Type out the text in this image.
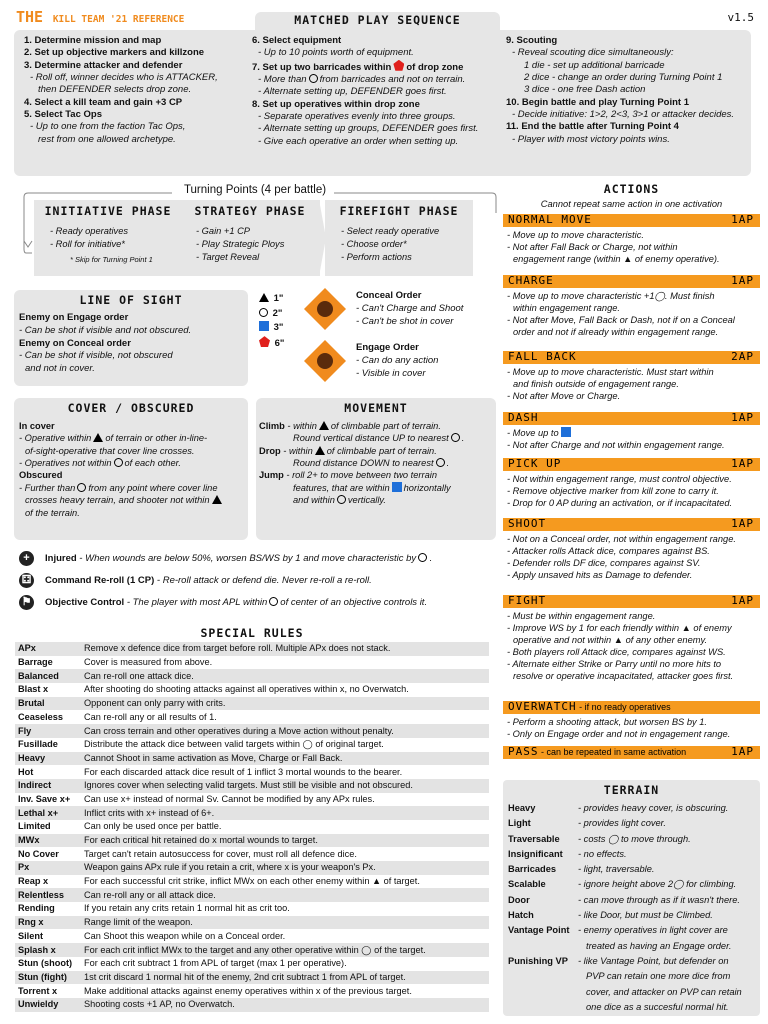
THE KILL TEAM '21 REFERENCE	v1.5
MATCHED PLAY SEQUENCE
1. Determine mission and map
2. Set up objective markers and killzone
3. Determine attacker and defender
- Roll off, winner decides who is ATTACKER,
then DEFENDER selects drop zone.
4. Select a kill team and gain +3 CP
5. Select Tac Ops
- Up to one from the faction Tac Ops,
rest from one allowed archetype.
6. Select equipment
- Up to 10 points worth of equipment.
7. Set up two barricades within of drop zone
- More than from barricades and not on terrain.
- Alternate setting up, DEFENDER goes first.
8. Set up operatives within drop zone
- Separate operatives evenly into three groups.
- Alternate setting up groups, DEFENDER goes first.
- Give each operative an order when setting up.
9. Scouting
- Reveal scouting dice simultaneously:
1 die - set up additional barricade
2 dice - change an order during Turning Point 1
3 dice - one free Dash action
10. Begin battle and play Turning Point 1
- Decide initiative: 1>2, 2<3, 3>1 or attacker decides.
11. End the battle after Turning Point 4
- Player with most victory points wins.
Turning Points (4 per battle)
INITIATIVE PHASE
- Ready operatives
- Roll for initiative*
* Skip for Turning Point 1
STRATEGY PHASE
- Gain +1 CP
- Play Strategic Ploys
- Target Reveal
FIREFIGHT PHASE
- Select ready operative
- Choose order*
- Perform actions
LINE OF SIGHT
Enemy on Engage order
- Can be shot if visible and not obscured.
Enemy on Conceal order
- Can be shot if visible, not obscured
and not in cover.
1"
2"
3"
6"
Conceal Order
- Can't Charge and Shoot
- Can't be shot in cover
Engage Order
- Can do any action
- Visible in cover
COVER / OBSCURED
In cover
- Operative within of terrain or other in-line-
of-sight-operative that cover line crosses.
- Operatives not within of each other.
Obscured
- Further than from any point where cover line
crosses heavy terrain, and shooter not within
of the terrain.
MOVEMENT
Climb - within of climbable part of terrain.
Round vertical distance UP to nearest .
Drop - within of climbable part of terrain.
Round distance DOWN to nearest .
Jump - roll 2+ to move between two terrain
features, that are within horizontally
and within vertically.
+	Injured - When wounds are below 50%, worsen BS/WS by 1 and move characteristic by .
⚃ Command Re-roll (1 CP) - Re-roll attack or defend die. Never re-roll a re-roll.
⚑ Objective Control - The player with most APL within of center of an objective controls it.
SPECIAL RULES
APx	Remove x defence dice from target before roll. Multiple APx does not stack.
Barrage	Cover is measured from above.
Balanced	Can re-roll one attack dice.
Blast x	After shooting do shooting attacks against all operatives within x, no Overwatch.
Brutal	Opponent can only parry with crits.
Ceaseless	Can re-roll any or all results of 1.
Fly	Can cross terrain and other operatives during a Move action without penalty.
Fusillade	Distribute the attack dice between valid targets within ◯ of original target.
Heavy	Cannot Shoot in same activation as Move, Charge or Fall Back.
Hot	For each discarded attack dice result of 1 inflict 3 mortal wounds to the bearer.
Indirect	Ignores cover when selecting valid targets. Must still be visible and not obscured.
Inv. Save x+	Can use x+ instead of normal Sv. Cannot be modified by any APx rules.
Lethal x+	Inflict crits with x+ instead of 6+.
Limited	Can only be used once per battle.
MWx	For each critical hit retained do x mortal wounds to target.
No Cover	Target can't retain autosuccess for cover, must roll all defence dice.
Px	Weapon gains APx rule if you retain a crit, where x is your weapon's Px.
Reap x	For each successful crit strike, inflict MWx on each other enemy within ▲ of target.
Relentless	Can re-roll any or all attack dice.
Rending	If you retain any crits retain 1 normal hit as crit too.
Rng x	Range limit of the weapon.
Silent	Can Shoot this weapon while on a Conceal order.
Splash x	For each crit inflict MWx to the target and any other operative within ◯ of the target.
Stun (shoot)	For each crit subtract 1 from APL of target (max 1 per operative).
Stun (fight)	1st crit discard 1 normal hit of the enemy, 2nd crit subtract 1 from APL of target.
Torrent x	Make additional attacks against enemy operatives within x of the previous target.
Unwieldy	Shooting costs +1 AP, no Overwatch.
ACTIONS
Cannot repeat same action in one activation
NORMAL MOVE	1AP
- Move up to move characteristic.
- Not after Fall Back or Charge, not within
engagement range (within ▲ of enemy operative).
CHARGE	1AP
- Move up to move characteristic +1◯. Must finish
within engagement range.
- Not after Move, Fall Back or Dash, not if on a Conceal
order and not if already within engagement range.
FALL BACK	2AP
- Move up to move characteristic. Must start within
and finish outside of engagement range.
- Not after Move or Charge.
DASH	1AP
- Move up to
- Not after Charge and not within engagement range.
PICK UP	1AP
- Not within engagement range, must control objective.
- Remove objective marker from kill zone to carry it.
- Drop for 0 AP during an activation, or if incapacitated.
SHOOT	1AP
- Not on a Conceal order, not within engagement range.
- Attacker rolls Attack dice, compares against BS.
- Defender rolls DF dice, compares against SV.
- Apply unsaved hits as Damage to defender.
FIGHT	1AP
- Must be within engagement range.
- Improve WS by 1 for each friendly within ▲ of enemy
operative and not within ▲ of any other enemy.
- Both players roll Attack dice, compares against WS.
- Alternate either Strike or Parry until no more hits to
resolve or operative incapacitated, attacker goes first.
OVERWATCH - if no ready operatives
- Perform a shooting attack, but worsen BS by 1.
- Only on Engage order and not in engagement range.
PASS - can be repeated in same activation	1AP
TERRAIN
Heavy	- provides heavy cover, is obscuring.
Light	- provides light cover.
Traversable	- costs ◯ to move through.
Insignificant	- no effects.
Barricades	- light, traversable.
Scalable	- ignore height above 2◯ for climbing.
Door	- can move through as if it wasn't there.
Hatch	- like Door, but must be Climbed.
Vantage Point - enemy operatives in light cover are
treated as having an Engage order.
Punishing VP	- like Vantage Point, but defender on
PVP can retain one more dice from
cover, and attacker on PVP can retain
one dice as a succesful normal hit.
